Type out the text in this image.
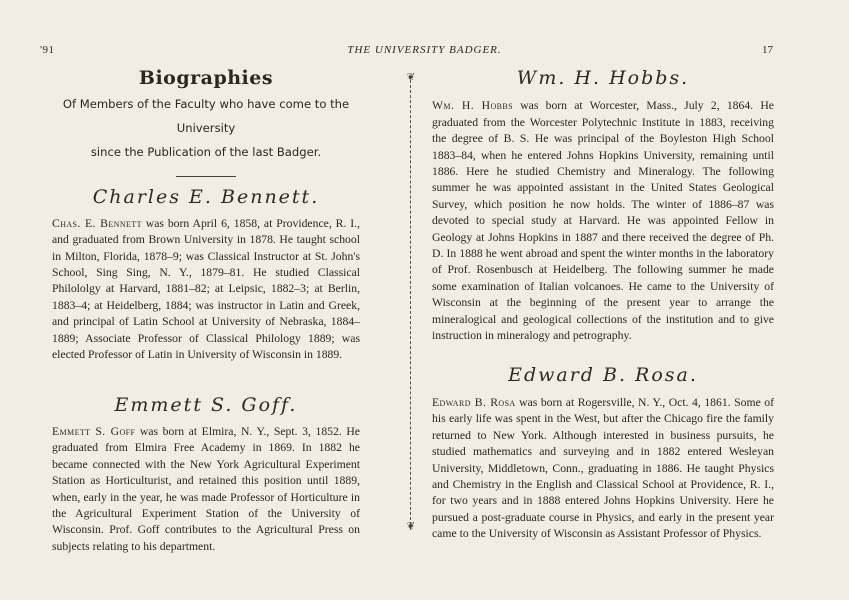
'91	THE UNIVERSITY BADGER.	17
Biographies
Of Members of the Faculty who have come to the University
since the Publication of the last Badger.
Charles E. Bennett.

Chas. E. Bennett was born April 6, 1858, at Providence, R. I., and graduated from Brown University in 1878. He taught school in Milton, Florida, 1878–9; was Classical Instructor at St. John's School, Sing Sing, N. Y., 1879–81. He studied Classical Philololgy at Harvard, 1881–82; at Leipsic, 1882–3; at Berlin, 1883–4; at Heidelberg, 1884; was instructor in Latin and Greek, and principal of Latin School at University of Nebraska, 1884–1889; Associate Professor of Classical Philology 1889; was elected Professor of Latin in University of Wisconsin in 1889.

Emmett S. Goff.

Emmett S. Goff was born at Elmira, N. Y., Sept. 3, 1852. He graduated from Elmira Free Academy in 1869. In 1882 he became connected with the New York Agricultural Experiment Station as Horticulturist, and retained this position until 1889, when, early in the year, he was made Professor of Horticulture in the Agricultural Experiment Station of the University of Wisconsin. Prof. Goff contributes to the Agricultural Press on subjects relating to his department.

❦
❦
Wm. H. Hobbs.

Wm. H. Hobbs was born at Worcester, Mass., July 2, 1864. He graduated from the Worcester Polytechnic Institute in 1883, receiving the degree of B. S. He was principal of the Boyleston High School 1883–84, when he entered Johns Hopkins University, remaining until 1886. Here he studied Chemistry and Mineralogy. The following summer he was appointed assistant in the United States Geological Survey, which position he now holds. The winter of 1886–87 was devoted to special study at Harvard. He was appointed Fellow in Geology at Johns Hopkins in 1887 and there received the degree of Ph. D. In 1888 he went abroad and spent the winter months in the laboratory of Prof. Rosenbusch at Heidelberg. The following summer he made some examination of Italian volcanoes. He came to the University of Wisconsin at the beginning of the present year to arrange the mineralogical and geological collections of the institution and to give instruction in mineralogy and petrography.

Edward B. Rosa.

Edward B. Rosa was born at Rogersville, N. Y., Oct. 4, 1861. Some of his early life was spent in the West, but after the Chicago fire the family returned to New York. Although interested in business pursuits, he studied mathematics and surveying and in 1882 entered Wesleyan University, Middletown, Conn., graduating in 1886. He taught Physics and Chemistry in the English and Classical School at Providence, R. I., for two years and in 1888 entered Johns Hopkins University. Here he pursued a post-graduate course in Physics, and early in the present year came to the University of Wisconsin as Assistant Professor of Physics.
